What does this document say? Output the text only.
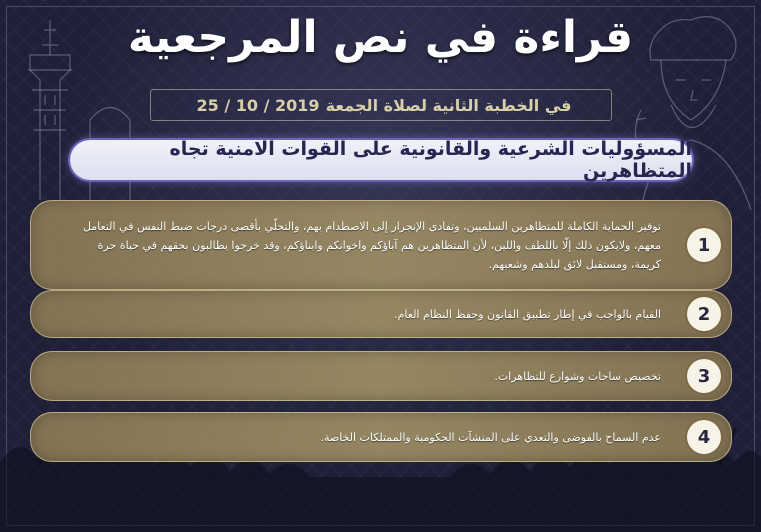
قراءة في نص المرجعية
في الخطبة الثانية لصلاة الجمعة
25 / 10 / 2019
المسؤوليات الشرعية والقانونية على القوات الامنية تجاه المتظاهرين
1
توفير الحماية الكاملة للمتظاهرين السلميين، وتفادي الإنجرار إلى الاصطدام بهم، والتحلّي بأقصى درجات ضبط النفس في التعامل معهم، ولايكون ذلك إلّا باللطف واللين، لأن المتظاهرين هم آباؤكم واخوانكم وابناؤكم، وقد خرجوا يطالبون بحقهم في حياة حرة كريمة، ومستقبل لائق لبلدهم وشعبهم.
2
القيام بالواجب في إطار تطبيق القانون وحفظ النظام العام.
3
تخصيص ساحات وشوارع للتظاهرات.
4
عدم السماح بالفوضى والتعدي على المنشآت الحكومية والممتلكات الخاصة.
